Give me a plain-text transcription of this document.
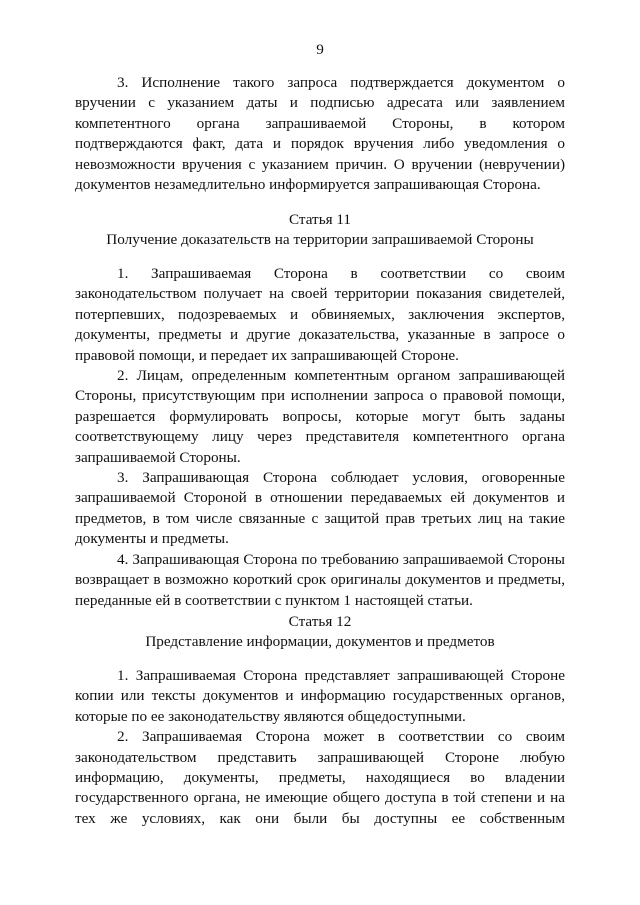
9

3. Исполнение такого запроса подтверждается документом о вручении с указанием даты и подписью адресата или заявлением компетентного органа запрашиваемой Стороны, в котором подтверждаются факт, дата и порядок вручения либо уведомления о невозможности вручения с указанием причин. О вручении (невручении) документов незамедлительно информируется запрашивающая Сторона.

Статья 11
Получение доказательств на территории запрашиваемой Стороны

1. Запрашиваемая Сторона в соответствии со своим законодательством получает на своей территории показания свидетелей, потерпевших, подозреваемых и обвиняемых, заключения экспертов, документы, предметы и другие доказательства, указанные в запросе о правовой помощи, и передает их запрашивающей Стороне.

2. Лицам, определенным компетентным органом запрашивающей Стороны, присутствующим при исполнении запроса о правовой помощи, разрешается формулировать вопросы, которые могут быть заданы соответствующему лицу через представителя компетентного органа запрашиваемой Стороны.

3. Запрашивающая Сторона соблюдает условия, оговоренные запрашиваемой Стороной в отношении передаваемых ей документов и предметов, в том числе связанные с защитой прав третьих лиц на такие документы и предметы.

4. Запрашивающая Сторона по требованию запрашиваемой Стороны возвращает в возможно короткий срок оригиналы документов и предметы, переданные ей в соответствии с пунктом 1 настоящей статьи.

Статья 12
Представление информации, документов и предметов

1. Запрашиваемая Сторона представляет запрашивающей Стороне копии или тексты документов и информацию государственных органов, которые по ее законодательству являются общедоступными.

2. Запрашиваемая Сторона может в соответствии со своим законодательством представить запрашивающей Стороне любую информацию, документы, предметы, находящиеся во владении государственного органа, не имеющие общего доступа в той степени и на тех же условиях, как они были бы доступны ее собственным
